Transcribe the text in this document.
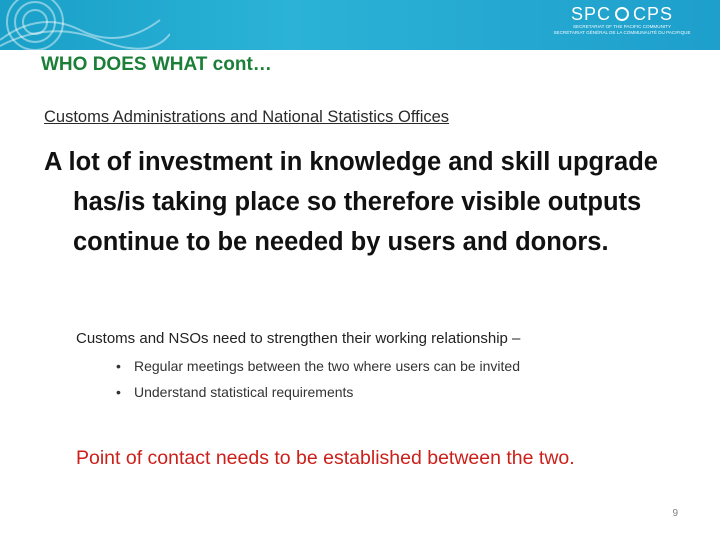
SPC CPS
SECRETARIAT OF THE PACIFIC COMMUNITY
SECRÉTARIAT GÉNÉRAL DE LA COMMUNAUTÉ DU PACIFIQUE
WHO DOES WHAT cont…

Customs Administrations and National Statistics Offices

A lot of investment in knowledge and skill upgrade has/is taking place so therefore visible outputs continue to be needed by users and donors.

Customs and NSOs need to strengthen their working relationship –

• Regular meetings between the two where users can be invited
• Understand statistical requirements

Point of contact needs to be established between the two.

9
